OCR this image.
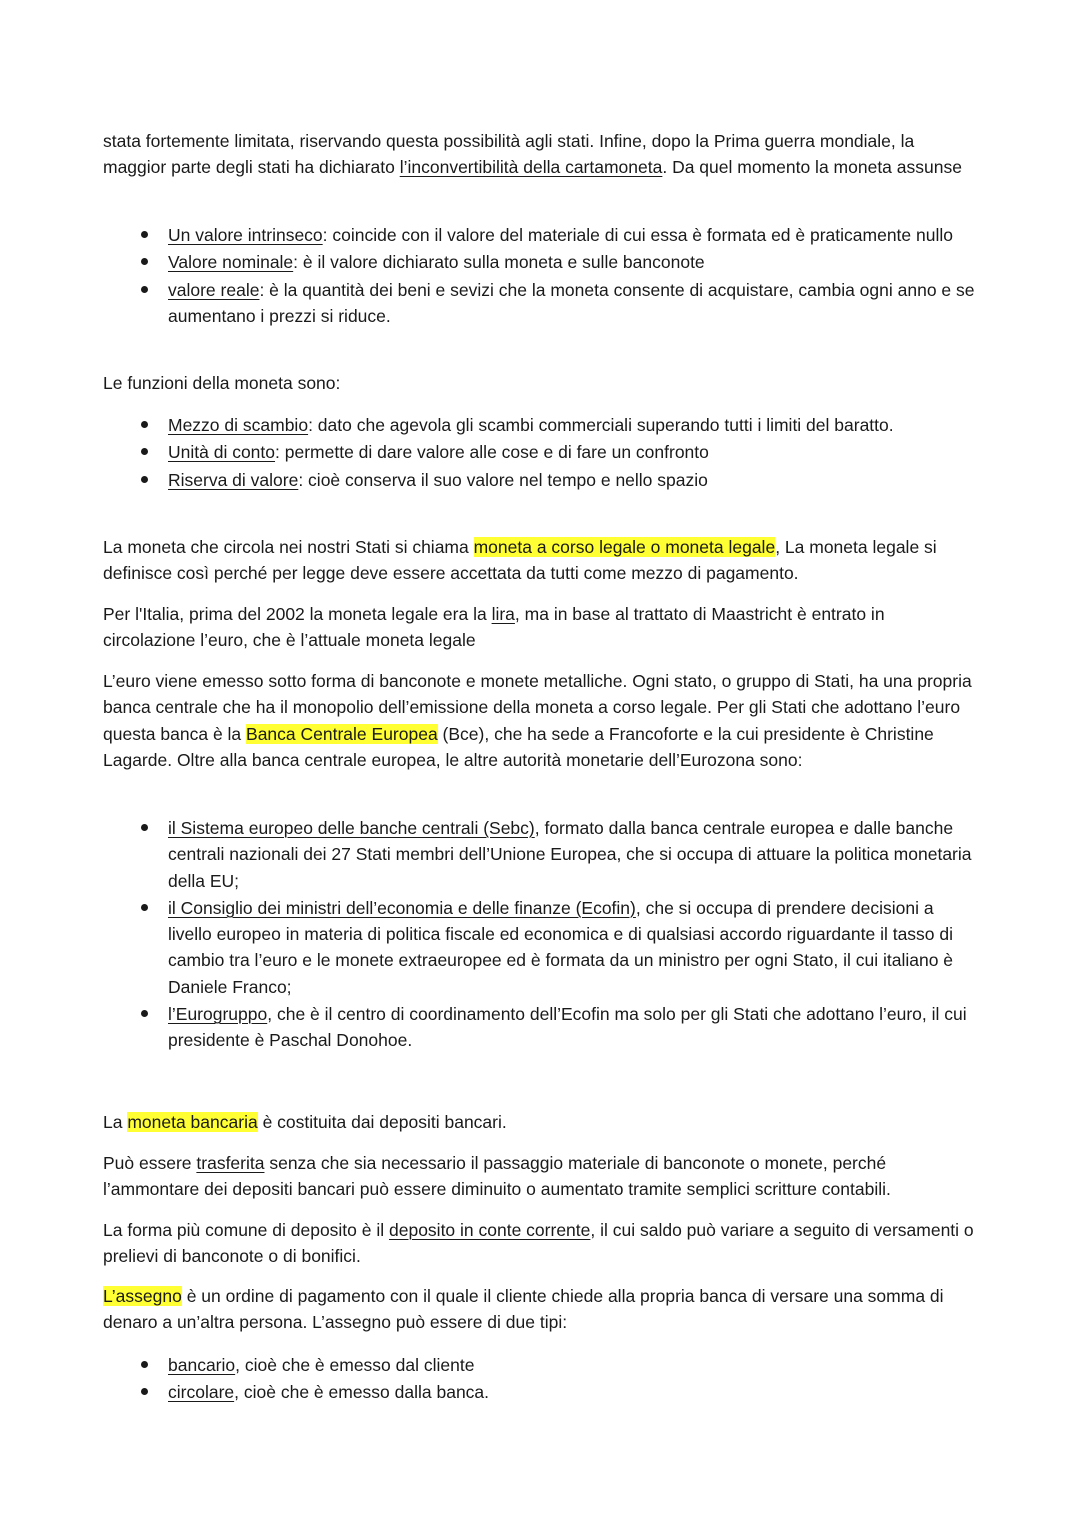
stata fortemente limitata, riservando questa possibilità agli stati. Infine, dopo la Prima guerra mondiale, la maggior parte degli stati ha dichiarato l’inconvertibilità della cartamoneta. Da quel momento la moneta assunse

Un valore intrinseco: coincide con il valore del materiale di cui essa è formata ed è praticamente nullo
Valore nominale: è il valore dichiarato sulla moneta e sulle banconote
valore reale: è la quantità dei beni e sevizi che la moneta consente di acquistare, cambia ogni anno e se aumentano i prezzi si riduce.

Le funzioni della moneta sono:

Mezzo di scambio: dato che agevola gli scambi commerciali superando tutti i limiti del baratto.
Unità di conto: permette di dare valore alle cose e di fare un confronto
Riserva di valore: cioè conserva il suo valore nel tempo e nello spazio

La moneta che circola nei nostri Stati si chiama moneta a corso legale o moneta legale, La moneta legale si definisce così perché per legge deve essere accettata da tutti come mezzo di pagamento.

Per l'Italia, prima del 2002 la moneta legale era la lira, ma in base al trattato di Maastricht è entrato in circolazione l’euro, che è l’attuale moneta legale

L’euro viene emesso sotto forma di banconote e monete metalliche. Ogni stato, o gruppo di Stati, ha una propria banca centrale che ha il monopolio dell’emissione della moneta a corso legale. Per gli Stati che adottano l’euro questa banca è la Banca Centrale Europea (Bce), che ha sede a Francoforte e la cui presidente è Christine Lagarde. Oltre alla banca centrale europea, le altre autorità monetarie dell’Eurozona sono:

il Sistema europeo delle banche centrali (Sebc), formato dalla banca centrale europea e dalle banche centrali nazionali dei 27 Stati membri dell’Unione Europea, che si occupa di attuare la politica monetaria della EU;
il Consiglio dei ministri dell’economia e delle finanze (Ecofin), che si occupa di prendere decisioni a livello europeo in materia di politica fiscale ed economica e di qualsiasi accordo riguardante il tasso di cambio tra l’euro e le monete extraeuropee ed è formata da un ministro per ogni Stato, il cui italiano è Daniele Franco;
l’Eurogruppo, che è il centro di coordinamento dell’Ecofin ma solo per gli Stati che adottano l’euro, il cui presidente è Paschal Donohoe.

La moneta bancaria è costituita dai depositi bancari.

Può essere trasferita senza che sia necessario il passaggio materiale di banconote o monete, perché l’ammontare dei depositi bancari può essere diminuito o aumentato tramite semplici scritture contabili.

La forma più comune di deposito è il deposito in conte corrente, il cui saldo può variare a seguito di versamenti o prelievi di banconote o di bonifici.

L’assegno è un ordine di pagamento con il quale il cliente chiede alla propria banca di versare una somma di denaro a un’altra persona. L’assegno può essere di due tipi:

bancario, cioè che è emesso dal cliente
circolare, cioè che è emesso dalla banca.
